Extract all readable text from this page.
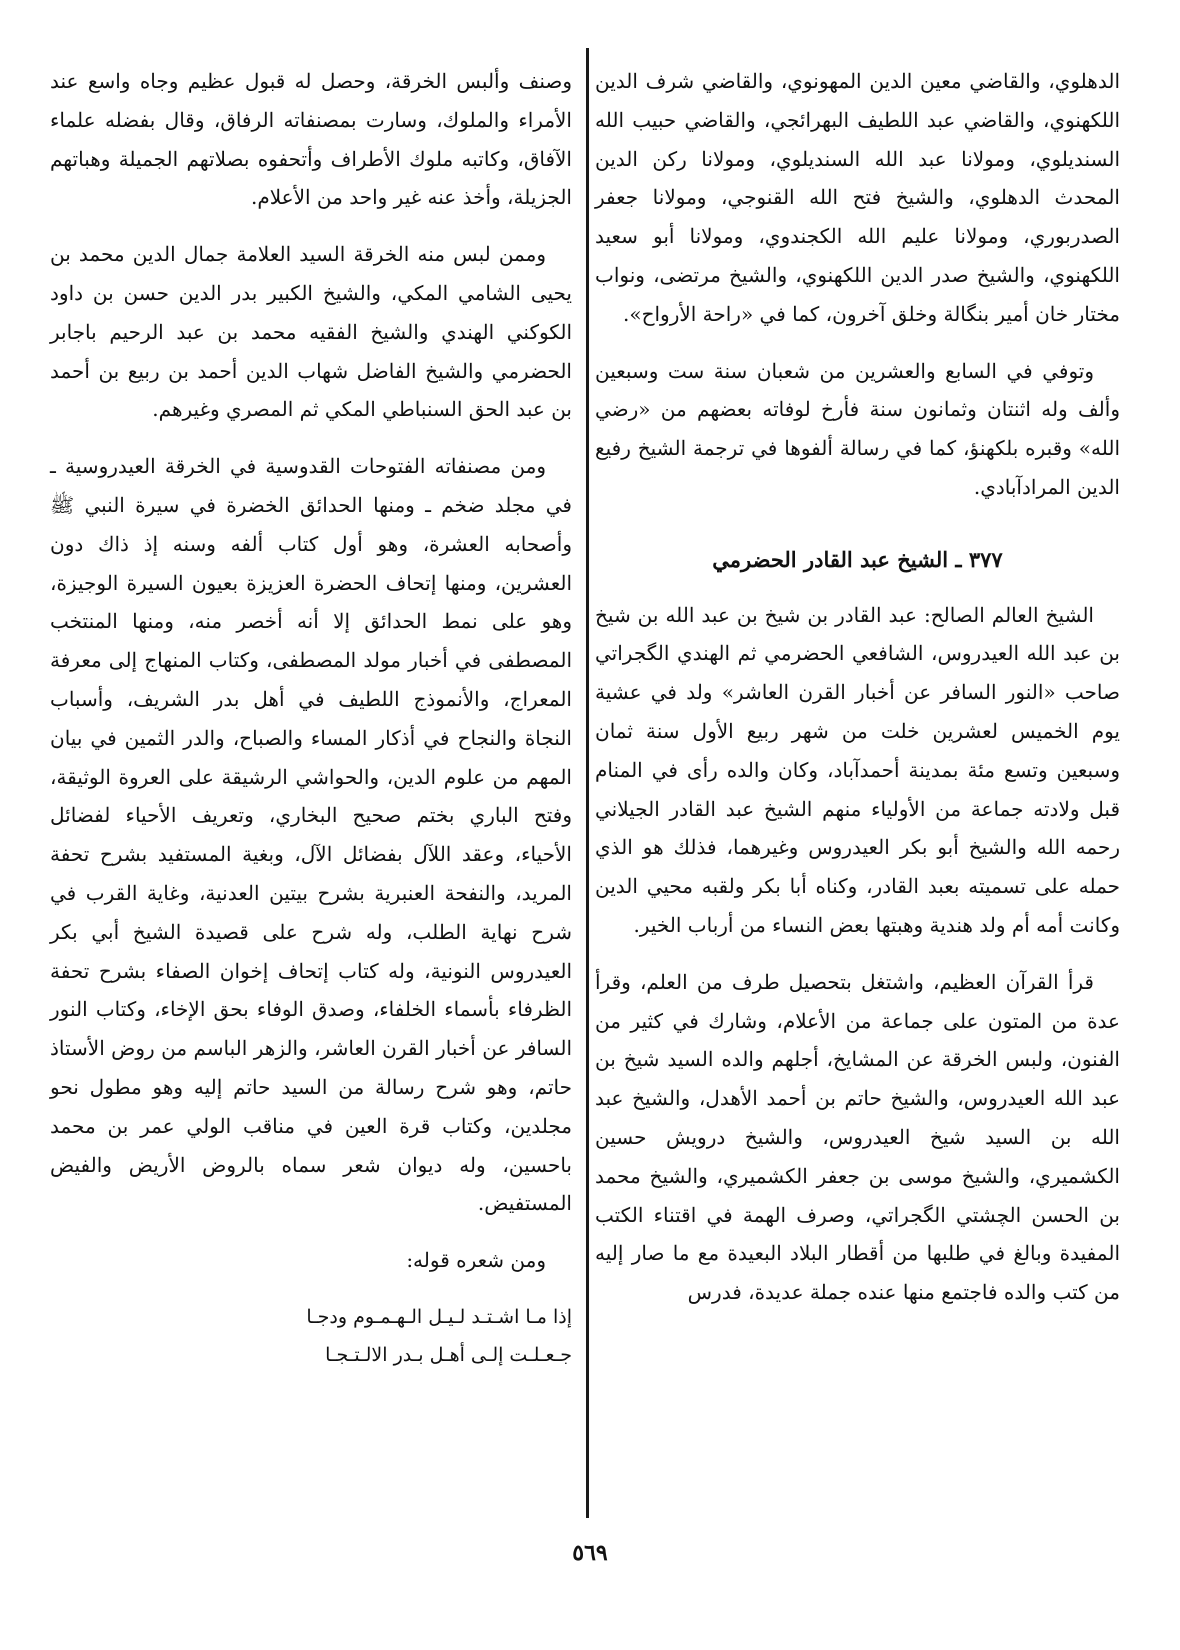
الدهلوي، والقاضي معين الدين المهونوي، والقاضي شرف الدين اللكهنوي، والقاضي عبد اللطيف البهرائجي، والقاضي حبيب الله السنديلوي، ومولانا عبد الله السنديلوي، ومولانا ركن الدين المحدث الدهلوي، والشيخ فتح الله القنوجي، ومولانا جعفر الصدربوري، ومولانا عليم الله الكجندوي، ومولانا أبو سعيد اللكهنوي، والشيخ صدر الدين اللكهنوي، والشيخ مرتضى، ونواب مختار خان أمير بنگالة وخلق آخرون، كما في «راحة الأرواح».

وتوفي في السابع والعشرين من شعبان سنة ست وسبعين وألف وله اثنتان وثمانون سنة فأرخ لوفاته بعضهم من «رضي الله» وقبره بلكهنؤ، كما في رسالة ألفوها في ترجمة الشيخ رفيع الدين المرادآبادي.

٣٧٧ ـ الشيخ عبد القادر الحضرمي

الشيخ العالم الصالح: عبد القادر بن شيخ بن عبد الله بن شيخ بن عبد الله العيدروس، الشافعي الحضرمي ثم الهندي الگجراتي صاحب «النور السافر عن أخبار القرن العاشر» ولد في عشية يوم الخميس لعشرين خلت من شهر ربيع الأول سنة ثمان وسبعين وتسع مئة بمدينة أحمدآباد، وكان والده رأى في المنام قبل ولادته جماعة من الأولياء منهم الشيخ عبد القادر الجيلاني رحمه الله والشيخ أبو بكر العيدروس وغيرهما، فذلك هو الذي حمله على تسميته بعبد القادر، وكناه أبا بكر ولقبه محيي الدين وكانت أمه أم ولد هندية وهبتها بعض النساء من أرباب الخير.

قرأ القرآن العظيم، واشتغل بتحصيل طرف من العلم، وقرأ عدة من المتون على جماعة من الأعلام، وشارك في كثير من الفنون، ولبس الخرقة عن المشايخ، أجلهم والده السيد شيخ بن عبد الله العيدروس، والشيخ حاتم بن أحمد الأهدل، والشيخ عبد الله بن السيد شيخ العيدروس، والشيخ درويش حسين الكشميري، والشيخ موسى بن جعفر الكشميري، والشيخ محمد بن الحسن الچشتي الگجراتي، وصرف الهمة في اقتناء الكتب المفيدة وبالغ في طلبها من أقطار البلاد البعيدة مع ما صار إليه من كتب والده فاجتمع منها عنده جملة عديدة، فدرس

وصنف وألبس الخرقة، وحصل له قبول عظيم وجاه واسع عند الأمراء والملوك، وسارت بمصنفاته الرفاق، وقال بفضله علماء الآفاق، وكاتبه ملوك الأطراف وأتحفوه بصلاتهم الجميلة وهباتهم الجزيلة، وأخذ عنه غير واحد من الأعلام.

وممن لبس منه الخرقة السيد العلامة جمال الدين محمد بن يحيى الشامي المكي، والشيخ الكبير بدر الدين حسن بن داود الكوكني الهندي والشيخ الفقيه محمد بن عبد الرحيم باجابر الحضرمي والشيخ الفاضل شهاب الدين أحمد بن ربيع بن أحمد بن عبد الحق السنباطي المكي ثم المصري وغيرهم.

ومن مصنفاته الفتوحات القدوسية في الخرقة العيدروسية ـ في مجلد ضخم ـ ومنها الحدائق الخضرة في سيرة النبي ﷺ وأصحابه العشرة، وهو أول كتاب ألفه وسنه إذ ذاك دون العشرين، ومنها إتحاف الحضرة العزيزة بعيون السيرة الوجيزة، وهو على نمط الحدائق إلا أنه أخصر منه، ومنها المنتخب المصطفى في أخبار مولد المصطفى، وكتاب المنهاج إلى معرفة المعراج، والأنموذج اللطيف في أهل بدر الشريف، وأسباب النجاة والنجاح في أذكار المساء والصباح، والدر الثمين في بيان المهم من علوم الدين، والحواشي الرشيقة على العروة الوثيقة، وفتح الباري بختم صحيح البخاري، وتعريف الأحياء لفضائل الأحياء، وعقد اللآل بفضائل الآل، وبغية المستفيد بشرح تحفة المريد، والنفحة العنبرية بشرح بيتين العدنية، وغاية القرب في شرح نهاية الطلب، وله شرح على قصيدة الشيخ أبي بكر العيدروس النونية، وله كتاب إتحاف إخوان الصفاء بشرح تحفة الظرفاء بأسماء الخلفاء، وصدق الوفاء بحق الإخاء، وكتاب النور السافر عن أخبار القرن العاشر، والزهر الباسم من روض الأستاذ حاتم، وهو شرح رسالة من السيد حاتم إليه وهو مطول نحو مجلدين، وكتاب قرة العين في مناقب الولي عمر بن محمد باحسين، وله ديوان شعر سماه بالروض الأريض والفيض المستفيض.

ومن شعره قوله:

إذا مـا اشـتـد لـيـل الـهـمـوم ودجـا
جـعـلـت إلـى أهـل بـدر الالـتـجـا
٥٦٩
